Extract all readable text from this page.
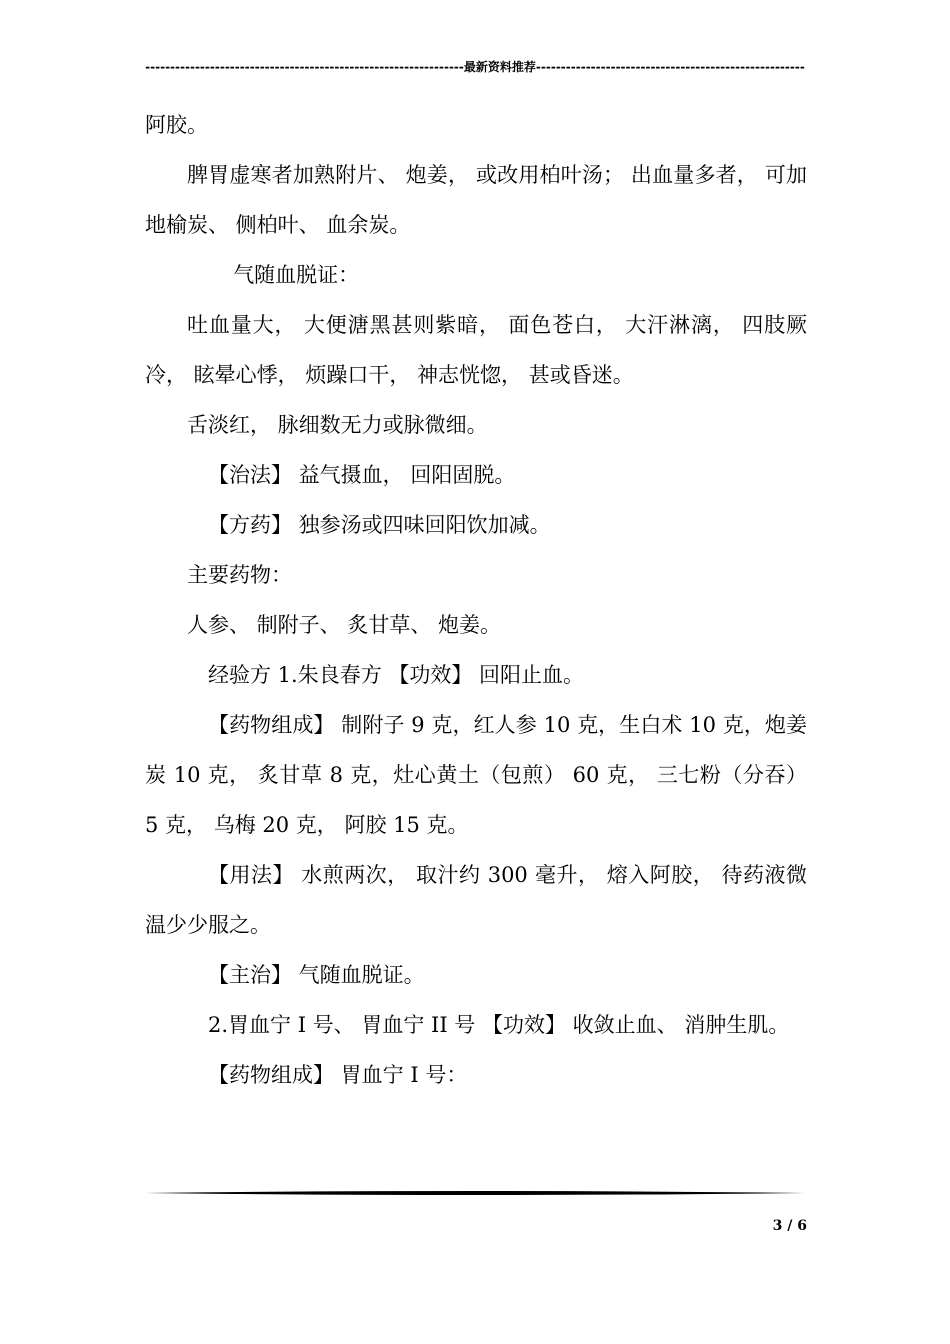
----------------------------------------------------------------最新资料推荐------------------------------------------------------

阿胶。

脾胃虚寒者加熟附片、 炮姜， 或改用柏叶汤； 出血量多者， 可加地榆炭、 侧柏叶、 血余炭。

气随血脱证：

吐血量大， 大便溏黑甚则紫暗， 面色苍白， 大汗淋漓， 四肢厥冷， 眩晕心悸， 烦躁口干， 神志恍惚， 甚或昏迷。

舌淡红， 脉细数无力或脉微细。

【治法】 益气摄血， 回阳固脱。

【方药】 独参汤或四味回阳饮加减。

主要药物：

人参、 制附子、 炙甘草、 炮姜。

经验方 1.朱良春方 【功效】 回阳止血。

【药物组成】 制附子 9 克，红人参 10 克，生白术 10 克，炮姜炭 10 克， 炙甘草 8 克，灶心黄土（包煎） 60 克， 三七粉（分吞） 5 克， 乌梅 20 克， 阿胶 15 克。

【用法】 水煎两次， 取汁约 300 毫升， 熔入阿胶， 待药液微温少少服之。

【主治】 气随血脱证。

2.胃血宁 I 号、 胃血宁 II 号 【功效】 收敛止血、 消肿生肌。

【药物组成】 胃血宁 I 号：

3 / 6
